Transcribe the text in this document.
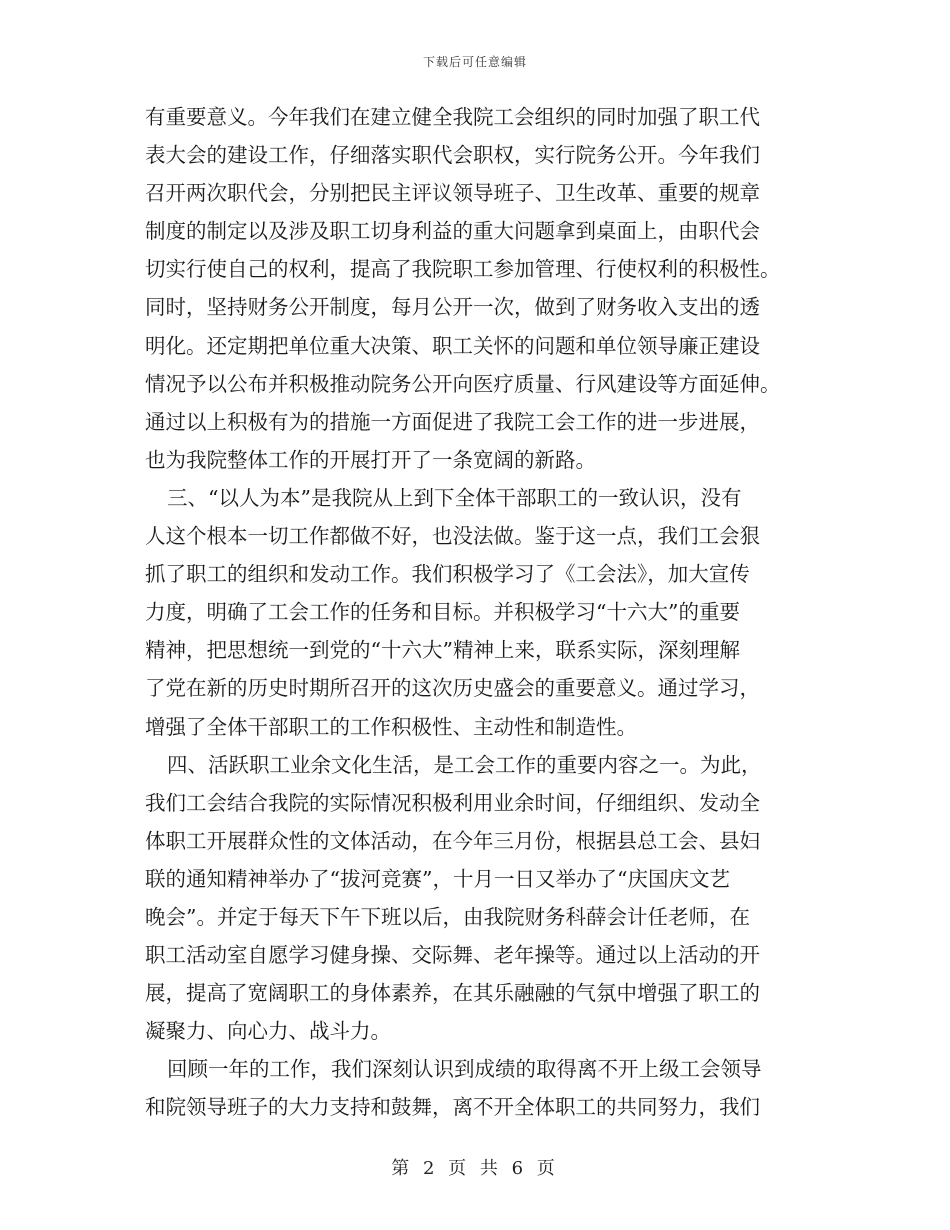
下载后可任意编辑

有重要意义。今年我们在建立健全我院工会组织的同时加强了职工代
表大会的建设工作，仔细落实职代会职权，实行院务公开。今年我们
召开两次职代会，分别把民主评议领导班子、卫生改革、重要的规章
制度的制定以及涉及职工切身利益的重大问题拿到桌面上，由职代会
切实行使自己的权利，提高了我院职工参加管理、行使权利的积极性。
同时，坚持财务公开制度，每月公开一次，做到了财务收入支出的透
明化。还定期把单位重大决策、职工关怀的问题和单位领导廉正建设
情况予以公布并积极推动院务公开向医疗质量、行风建设等方面延伸。
通过以上积极有为的措施一方面促进了我院工会工作的进一步进展，
也为我院整体工作的开展打开了一条宽阔的新路。

三、“以人为本”是我院从上到下全体干部职工的一致认识，没有
人这个根本一切工作都做不好，也没法做。鉴于这一点，我们工会狠
抓了职工的组织和发动工作。我们积极学习了《工会法》，加大宣传
力度，明确了工会工作的任务和目标。并积极学习“十六大”的重要
精神，把思想统一到党的“十六大”精神上来，联系实际，深刻理解
了党在新的历史时期所召开的这次历史盛会的重要意义。通过学习，
增强了全体干部职工的工作积极性、主动性和制造性。

四、活跃职工业余文化生活，是工会工作的重要内容之一。为此，
我们工会结合我院的实际情况积极利用业余时间，仔细组织、发动全
体职工开展群众性的文体活动，在今年三月份，根据县总工会、县妇
联的通知精神举办了“拔河竞赛”，十月一日又举办了“庆国庆文艺
晚会”。并定于每天下午下班以后，由我院财务科薛会计任老师，在
职工活动室自愿学习健身操、交际舞、老年操等。通过以上活动的开
展，提高了宽阔职工的身体素养，在其乐融融的气氛中增强了职工的
凝聚力、向心力、战斗力。

回顾一年的工作，我们深刻认识到成绩的取得离不开上级工会领导
和院领导班子的大力支持和鼓舞，离不开全体职工的共同努力，我们

第 2 页 共 6 页
